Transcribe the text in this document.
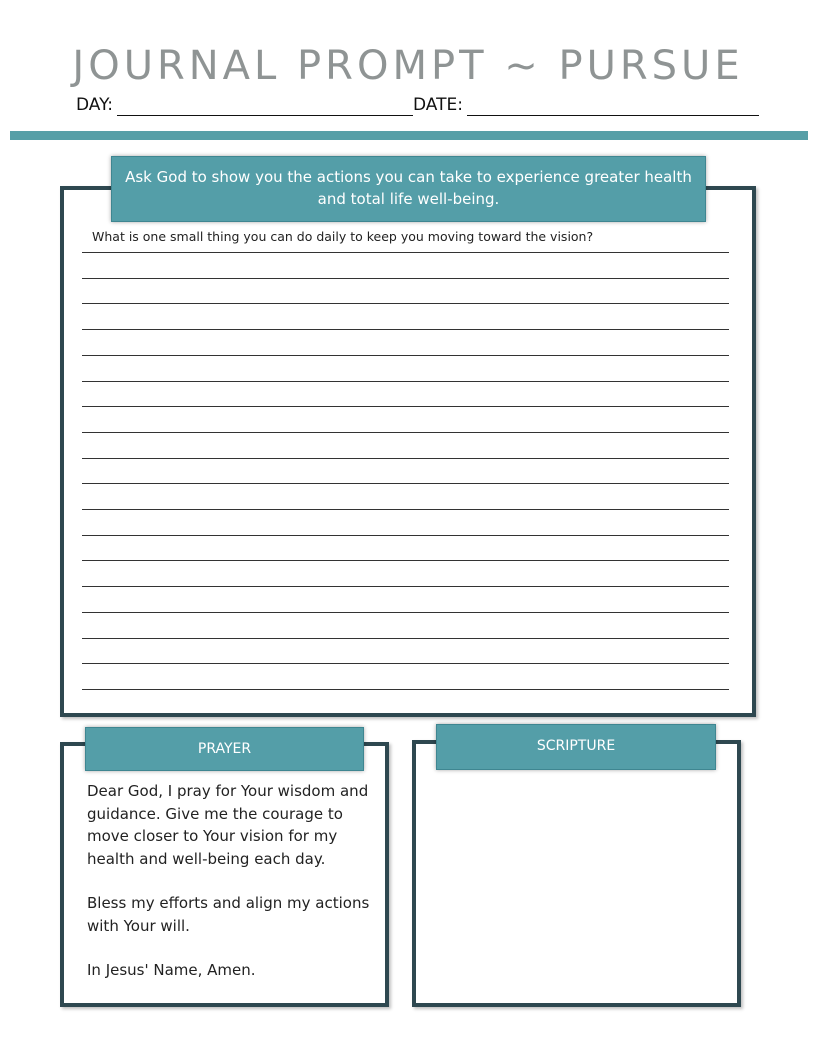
JOURNAL PROMPT ~ PURSUE
DAY:	DATE:
Ask God to show you the actions you can take to experience greater health and total life well-being.
What is one small thing you can do daily to keep you moving toward the vision?
PRAYER

Dear God, I pray for Your wisdom and guidance. Give me the courage to move closer to Your vision for my health and well-being each day.

Bless my efforts and align my actions with Your will.

In Jesus' Name, Amen.

SCRIPTURE
